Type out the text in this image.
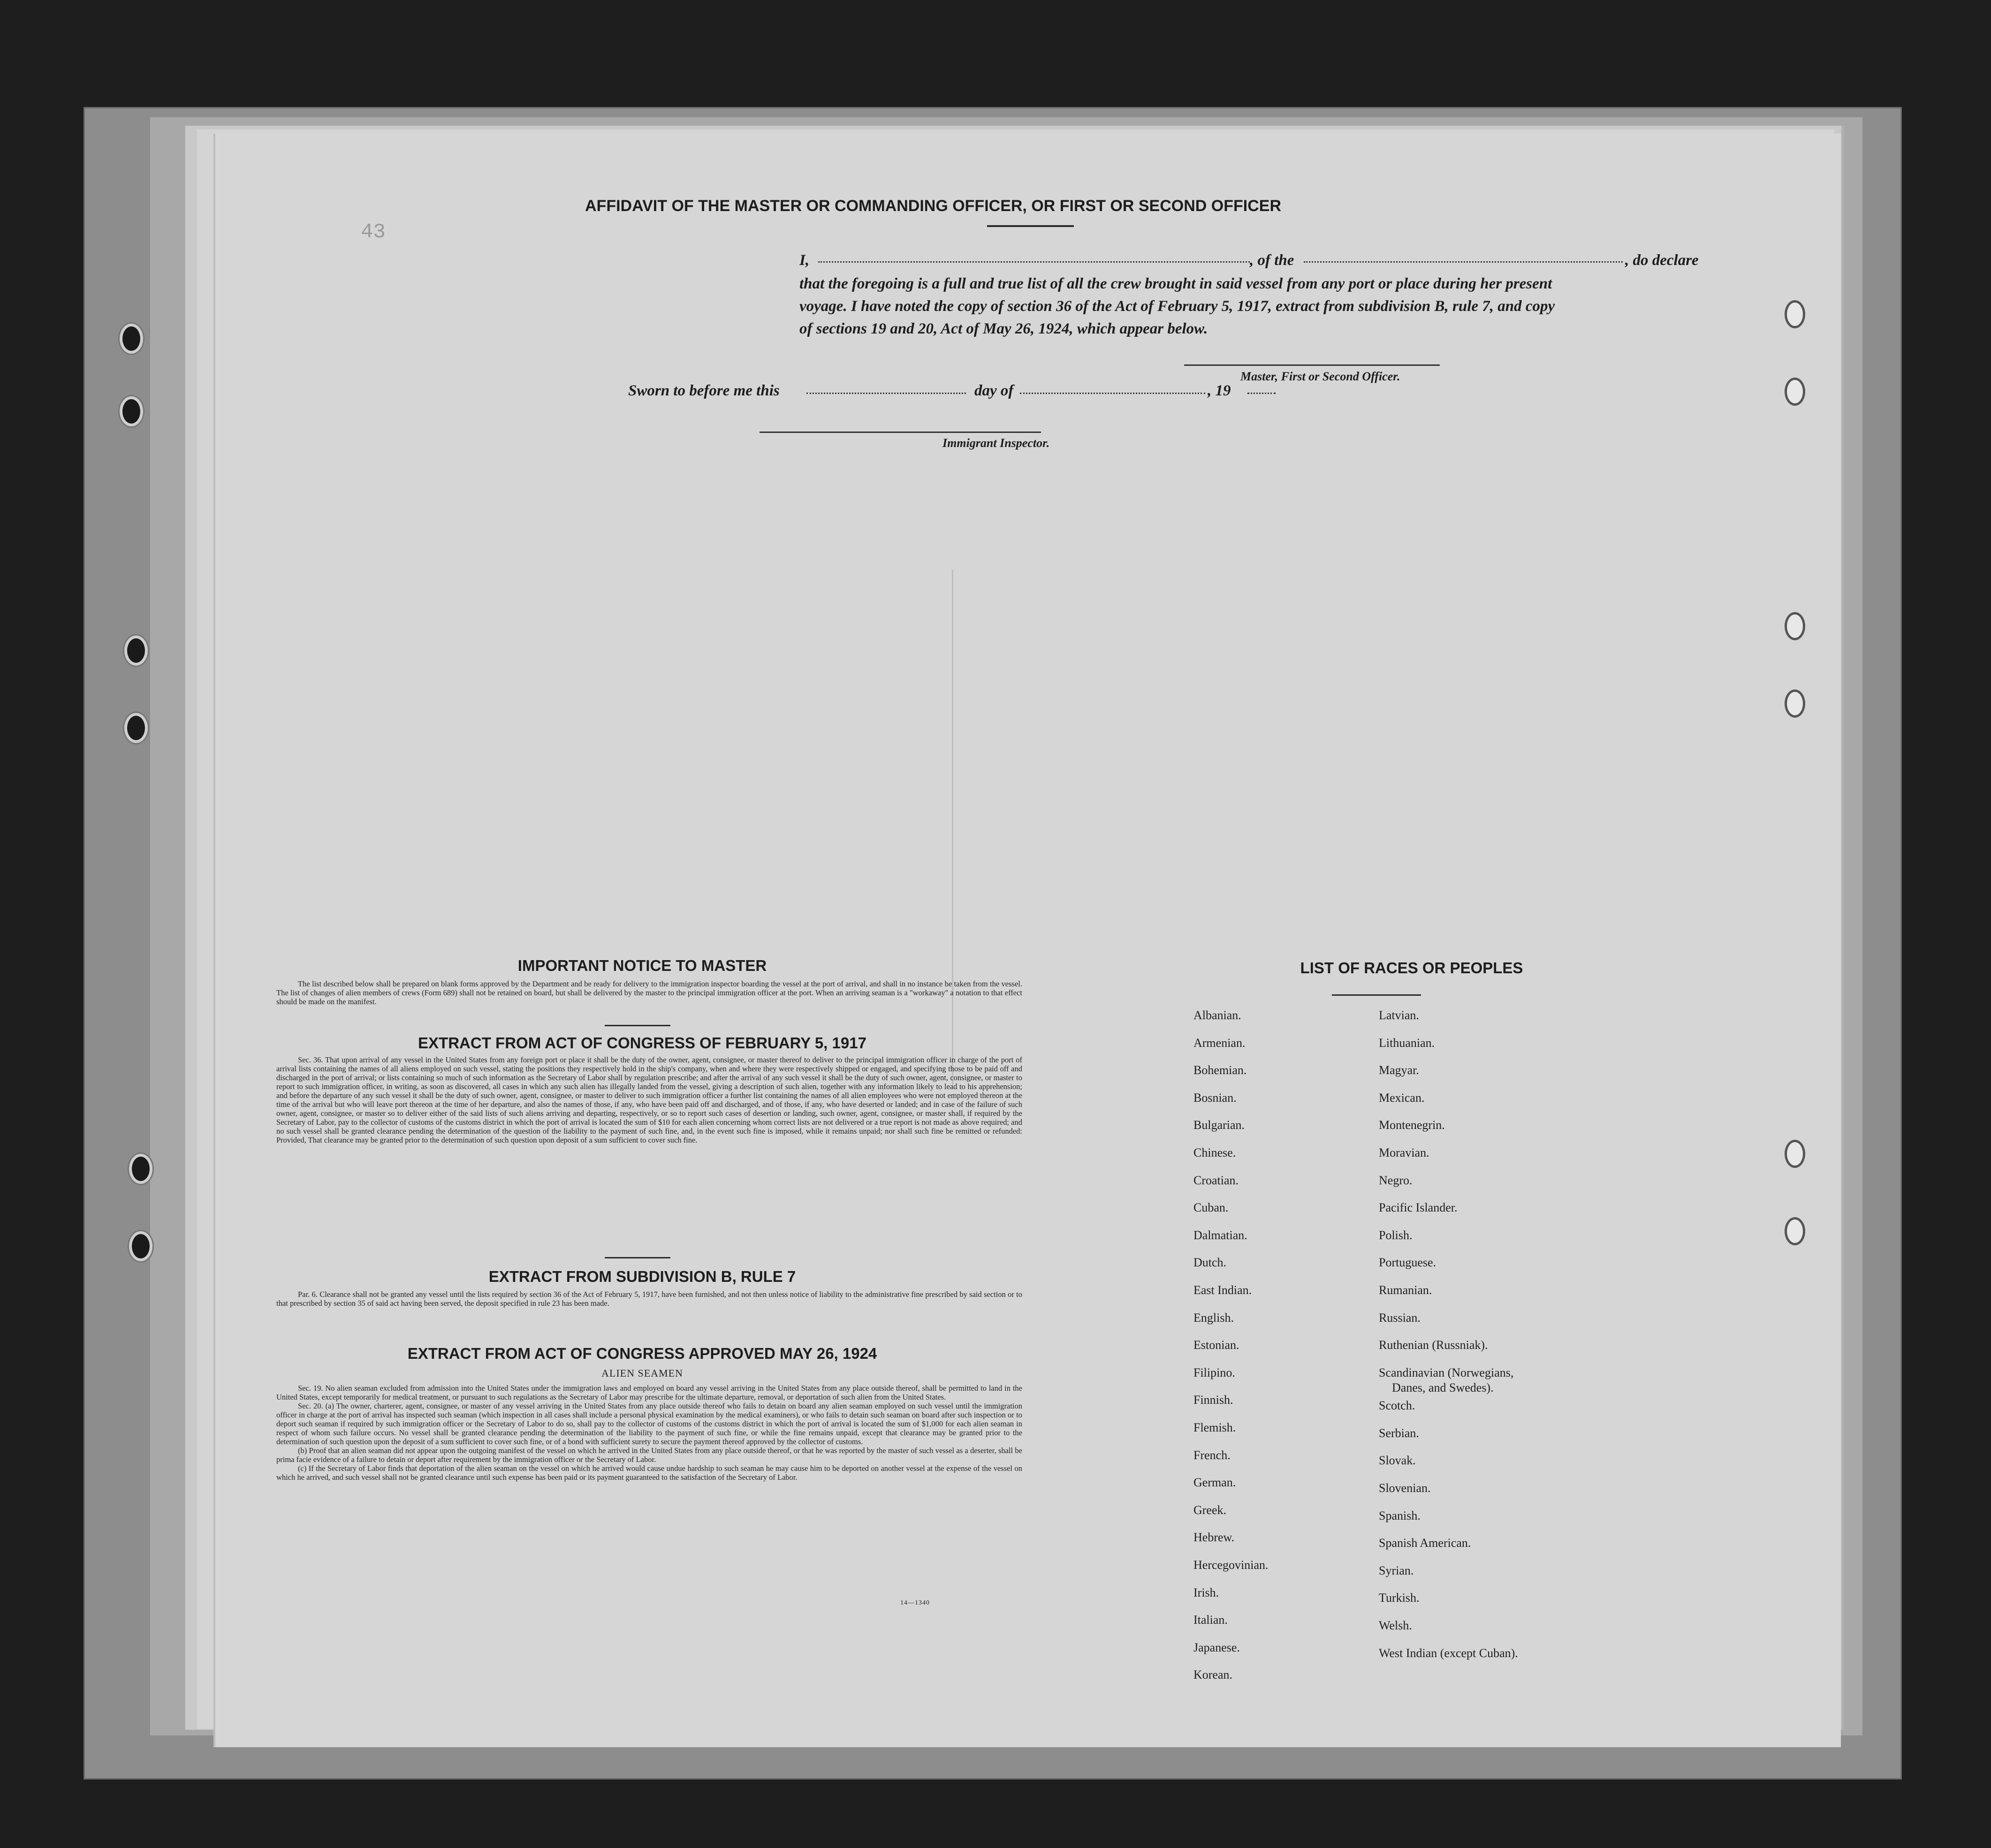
43
AFFIDAVIT OF THE MASTER OR COMMANDING OFFICER, OR FIRST OR SECOND OFFICER
I,	, of the	, do declare
that the foregoing is a full and true list of all the crew brought in said vessel from any port or place during her present
voyage. I have noted the copy of section 36 of the Act of February 5, 1917, extract from subdivision B, rule 7, and copy
of sections 19 and 20, Act of May 26, 1924, which appear below.
Master, First or Second Officer.
Sworn to before me this	day of	, 19
Immigrant Inspector.
IMPORTANT NOTICE TO MASTER

The list described below shall be prepared on blank forms approved by the Department and be ready for delivery to the immigration inspector boarding the vessel at the port of arrival, and shall in no instance be taken from the vessel. The list of changes of alien members of crews (Form 689) shall not be retained on board, but shall be delivered by the master to the principal immigration officer at the port. When an arriving seaman is a "workaway" a notation to that effect should be made on the manifest.

EXTRACT FROM ACT OF CONGRESS OF FEBRUARY 5, 1917

Sec. 36. That upon arrival of any vessel in the United States from any foreign port or place it shall be the duty of the owner, agent, consignee, or master thereof to deliver to the principal immigration officer in charge of the port of arrival lists containing the names of all aliens employed on such vessel, stating the positions they respectively hold in the ship's company, when and where they were respectively shipped or engaged, and specifying those to be paid off and discharged in the port of arrival; or lists containing so much of such information as the Secretary of Labor shall by regulation prescribe; and after the arrival of any such vessel it shall be the duty of such owner, agent, consignee, or master to report to such immigration officer, in writing, as soon as discovered, all cases in which any such alien has illegally landed from the vessel, giving a description of such alien, together with any information likely to lead to his apprehension; and before the departure of any such vessel it shall be the duty of such owner, agent, consignee, or master to deliver to such immigration officer a further list containing the names of all alien employees who were not employed thereon at the time of the arrival but who will leave port thereon at the time of her departure, and also the names of those, if any, who have been paid off and discharged, and of those, if any, who have deserted or landed; and in case of the failure of such owner, agent, consignee, or master so to deliver either of the said lists of such aliens arriving and departing, respectively, or so to report such cases of desertion or landing, such owner, agent, consignee, or master shall, if required by the Secretary of Labor, pay to the collector of customs of the customs district in which the port of arrival is located the sum of $10 for each alien concerning whom correct lists are not delivered or a true report is not made as above required; and no such vessel shall be granted clearance pending the determination of the question of the liability to the payment of such fine, and, in the event such fine is imposed, while it remains unpaid; nor shall such fine be remitted or refunded: Provided, That clearance may be granted prior to the determination of such question upon deposit of a sum sufficient to cover such fine.

EXTRACT FROM SUBDIVISION B, RULE 7

Par. 6. Clearance shall not be granted any vessel until the lists required by section 36 of the Act of February 5, 1917, have been furnished, and not then unless notice of liability to the administrative fine prescribed by said section or to that prescribed by section 35 of said act having been served, the deposit specified in rule 23 has been made.

EXTRACT FROM ACT OF CONGRESS APPROVED MAY 26, 1924
ALIEN SEAMEN

Sec. 19. No alien seaman excluded from admission into the United States under the immigration laws and employed on board any vessel arriving in the United States from any place outside thereof, shall be permitted to land in the United States, except temporarily for medical treatment, or pursuant to such regulations as the Secretary of Labor may prescribe for the ultimate departure, removal, or deportation of such alien from the United States.

Sec. 20. (a) The owner, charterer, agent, consignee, or master of any vessel arriving in the United States from any place outside thereof who fails to detain on board any alien seaman employed on such vessel until the immigration officer in charge at the port of arrival has inspected such seaman (which inspection in all cases shall include a personal physical examination by the medical examiners), or who fails to detain such seaman on board after such inspection or to deport such seaman if required by such immigration officer or the Secretary of Labor to do so, shall pay to the collector of customs of the customs district in which the port of arrival is located the sum of $1,000 for each alien seaman in respect of whom such failure occurs. No vessel shall be granted clearance pending the determination of the liability to the payment of such fine, or while the fine remains unpaid, except that clearance may be granted prior to the determination of such question upon the deposit of a sum sufficient to cover such fine, or of a bond with sufficient surety to secure the payment thereof approved by the collector of customs.

(b) Proof that an alien seaman did not appear upon the outgoing manifest of the vessel on which he arrived in the United States from any place outside thereof, or that he was reported by the master of such vessel as a deserter, shall be prima facie evidence of a failure to detain or deport after requirement by the immigration officer or the Secretary of Labor.

(c) If the Secretary of Labor finds that deportation of the alien seaman on the vessel on which he arrived would cause undue hardship to such seaman he may cause him to be deported on another vessel at the expense of the vessel on which he arrived, and such vessel shall not be granted clearance until such expense has been paid or its payment guaranteed to the satisfaction of the Secretary of Labor.

14—1340
LIST OF RACES OR PEOPLES
Albanian.
Armenian.
Bohemian.
Bosnian.
Bulgarian.
Chinese.
Croatian.
Cuban.
Dalmatian.
Dutch.
East Indian.
English.
Estonian.
Filipino.
Finnish.
Flemish.
French.
German.
Greek.
Hebrew.
Hercegovinian.
Irish.
Italian.
Japanese.
Korean.
Latvian.
Lithuanian.
Magyar.
Mexican.
Montenegrin.
Moravian.
Negro.
Pacific Islander.
Polish.
Portuguese.
Rumanian.
Russian.
Ruthenian (Russniak).
Scandinavian (Norwegians,
Danes, and Swedes).
Scotch.
Serbian.
Slovak.
Slovenian.
Spanish.
Spanish American.
Syrian.
Turkish.
Welsh.
West Indian (except Cuban).
